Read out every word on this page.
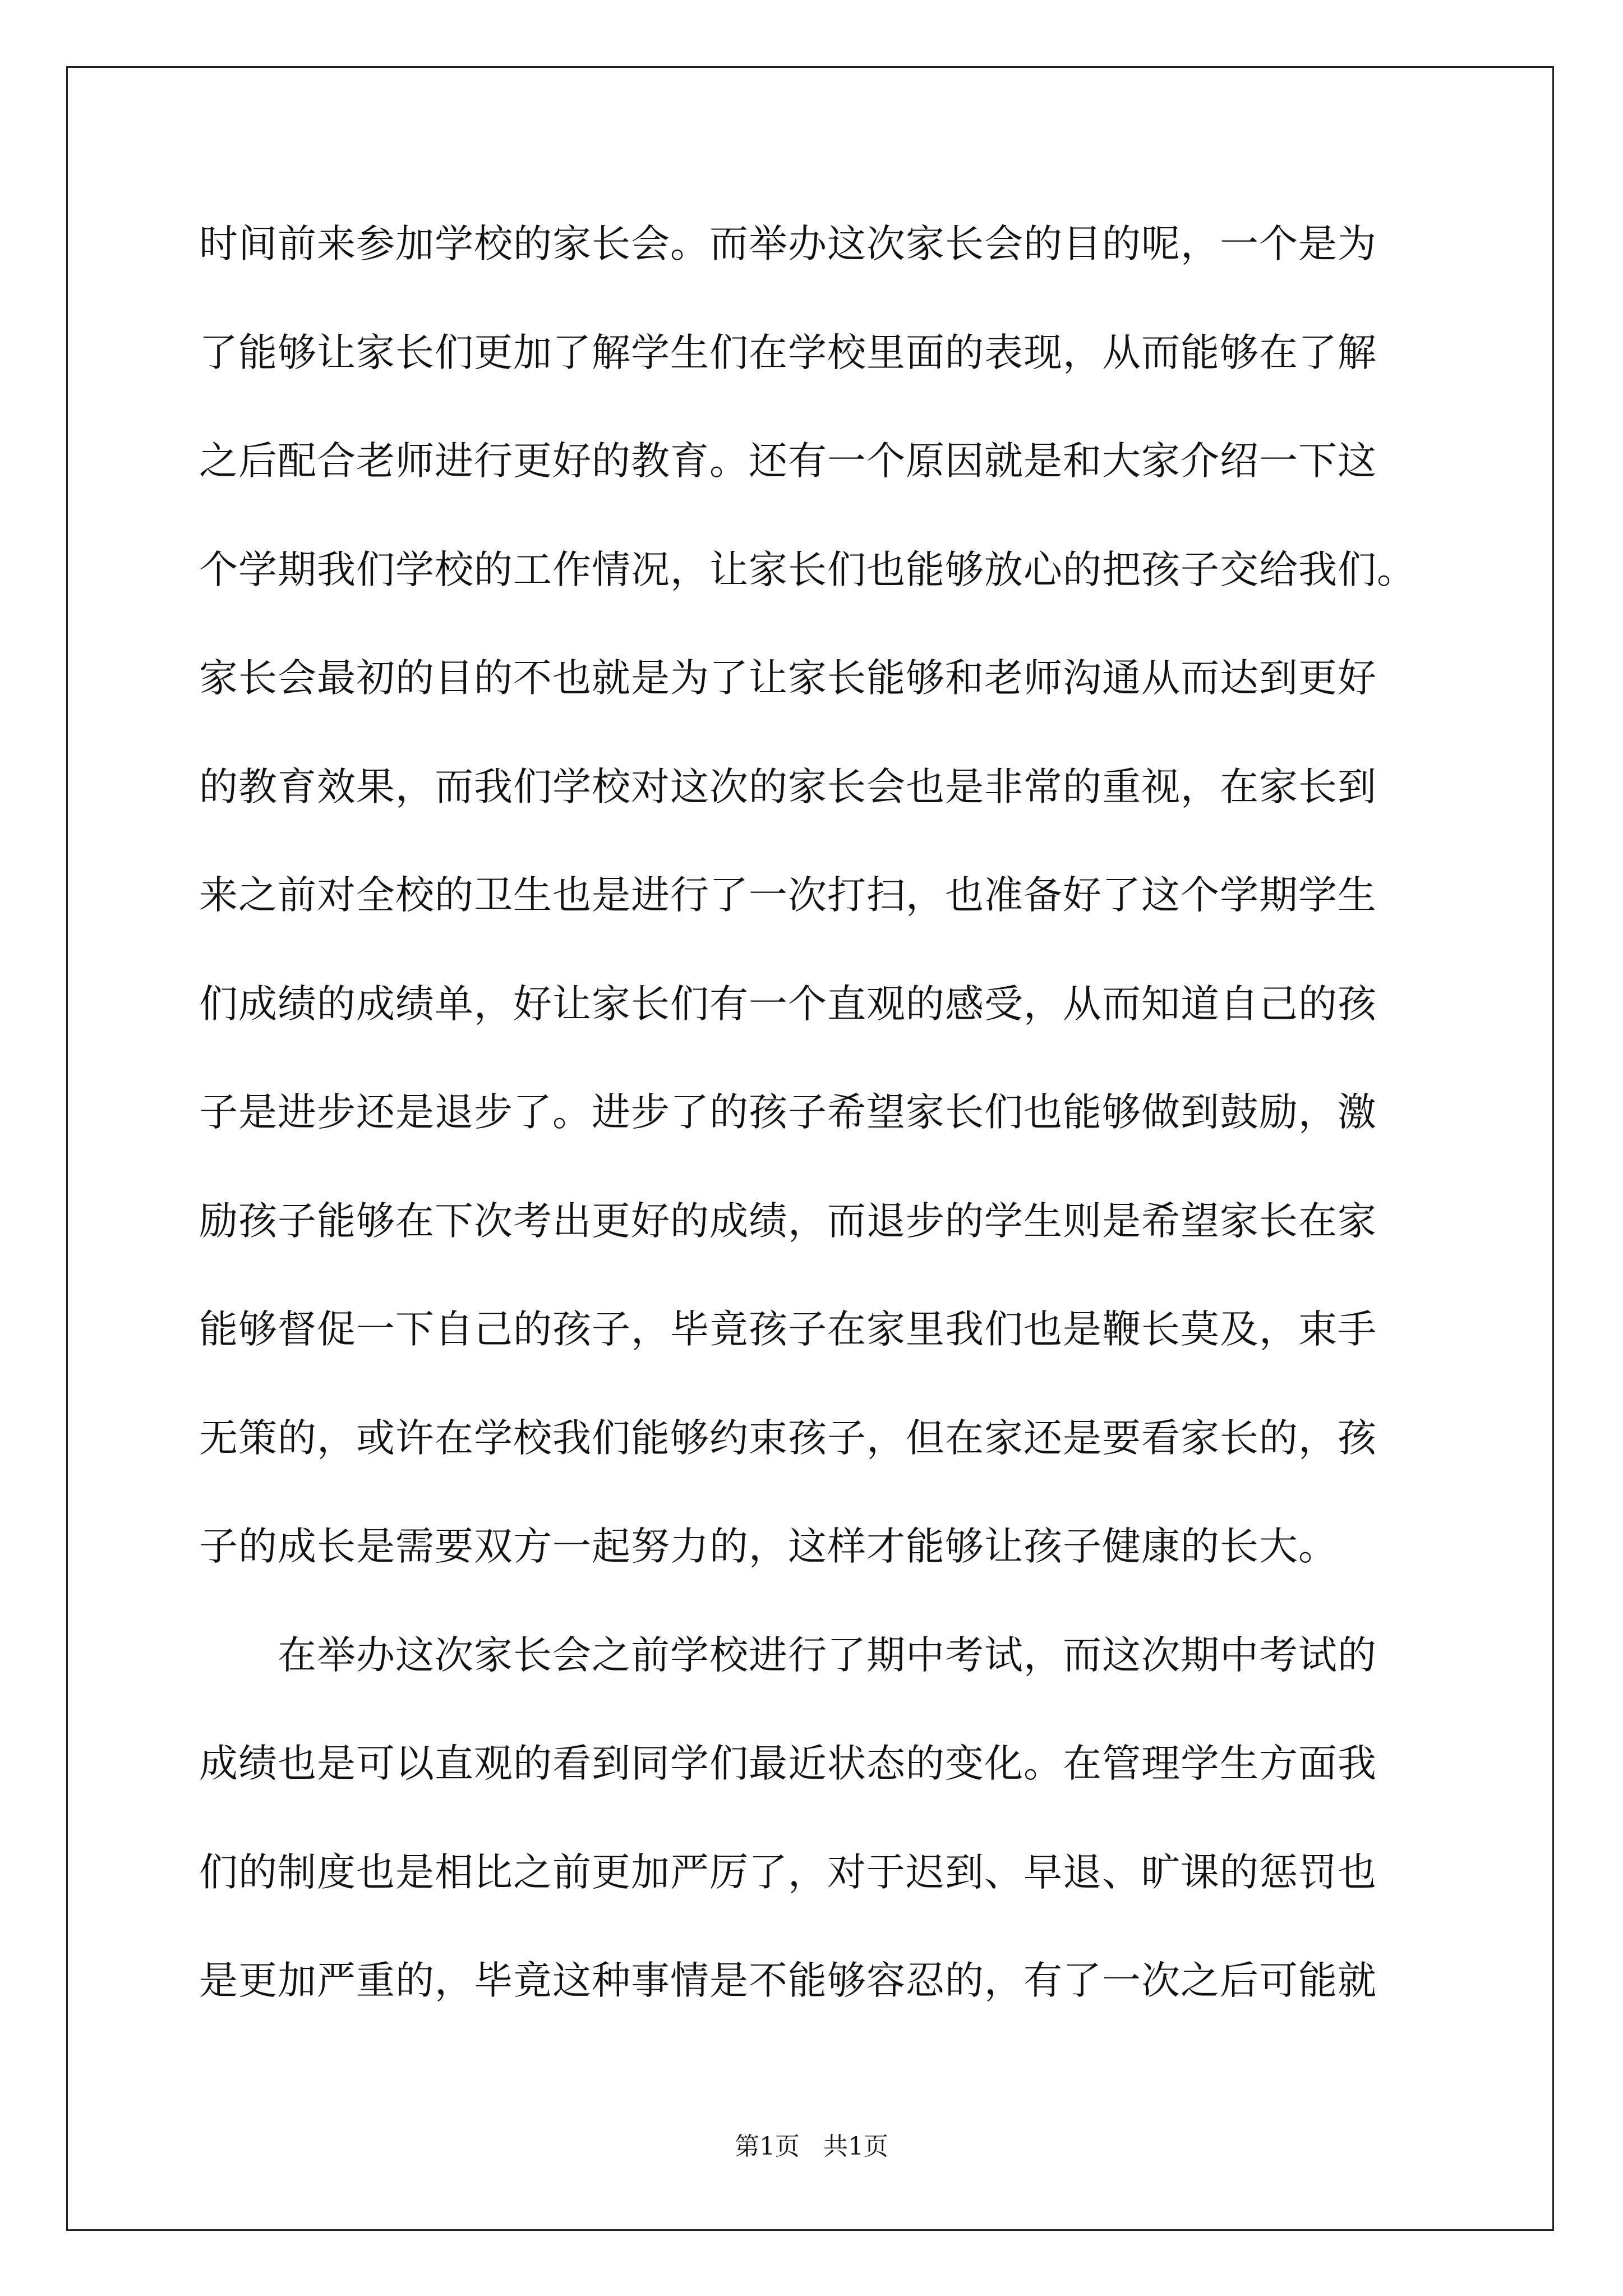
时间前来参加学校的家长会。而举办这次家长会的目的呢，一个是为
了能够让家长们更加了解学生们在学校里面的表现，从而能够在了解
之后配合老师进行更好的教育。还有一个原因就是和大家介绍一下这
个学期我们学校的工作情况，让家长们也能够放心的把孩子交给我们。
家长会最初的目的不也就是为了让家长能够和老师沟通从而达到更好
的教育效果，而我们学校对这次的家长会也是非常的重视，在家长到
来之前对全校的卫生也是进行了一次打扫，也准备好了这个学期学生
们成绩的成绩单，好让家长们有一个直观的感受，从而知道自己的孩
子是进步还是退步了。进步了的孩子希望家长们也能够做到鼓励，激
励孩子能够在下次考出更好的成绩，而退步的学生则是希望家长在家
能够督促一下自己的孩子，毕竟孩子在家里我们也是鞭长莫及，束手
无策的，或许在学校我们能够约束孩子，但在家还是要看家长的，孩
子的成长是需要双方一起努力的，这样才能够让孩子健康的长大。
在举办这次家长会之前学校进行了期中考试，而这次期中考试的
成绩也是可以直观的看到同学们最近状态的变化。在管理学生方面我
们的制度也是相比之前更加严厉了，对于迟到、早退、旷课的惩罚也
是更加严重的，毕竟这种事情是不能够容忍的，有了一次之后可能就
第1页   共1页
